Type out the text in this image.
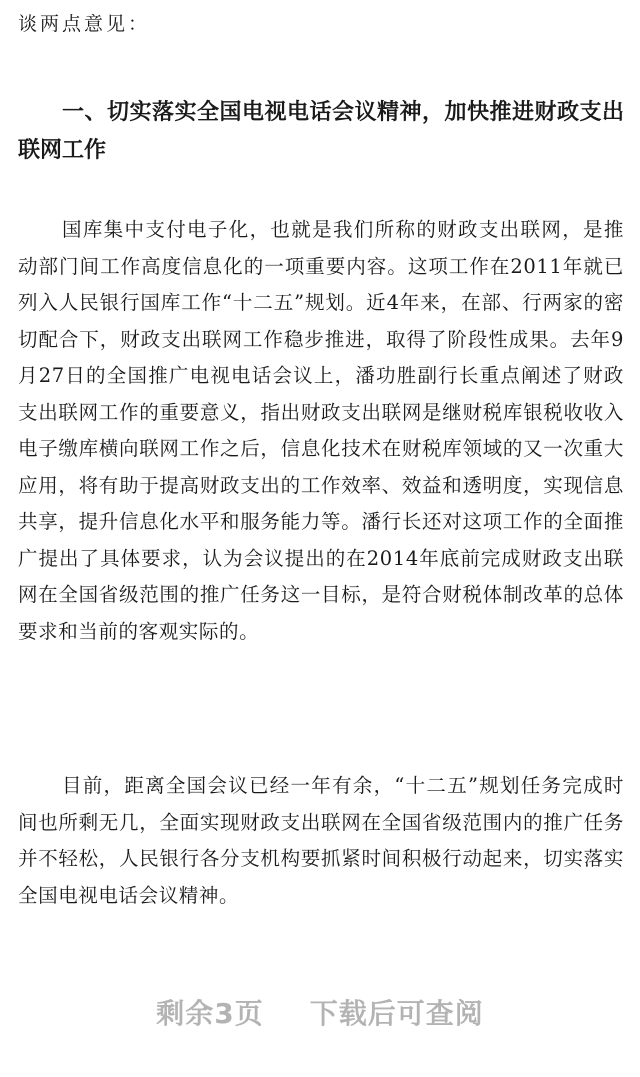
谈两点意见：

一、切实落实全国电视电话会议精神，加快推进财政支出联网工作

国库集中支付电子化，也就是我们所称的财政支出联网，是推动部门间工作高度信息化的一项重要内容。这项工作在2011年就已列入人民银行国库工作“十二五”规划。近4年来，在部、行两家的密切配合下，财政支出联网工作稳步推进，取得了阶段性成果。去年9月27日的全国推广电视电话会议上，潘功胜副行长重点阐述了财政支出联网工作的重要意义，指出财政支出联网是继财税库银税收收入电子缴库横向联网工作之后，信息化技术在财税库领域的又一次重大应用，将有助于提高财政支出的工作效率、效益和透明度，实现信息共享，提升信息化水平和服务能力等。潘行长还对这项工作的全面推广提出了具体要求，认为会议提出的在2014年底前完成财政支出联网在全国省级范围的推广任务这一目标，是符合财税体制改革的总体要求和当前的客观实际的。

目前，距离全国会议已经一年有余，“十二五”规划任务完成时间也所剩无几，全面实现财政支出联网在全国省级范围内的推广任务并不轻松，人民银行各分支机构要抓紧时间积极行动起来，切实落实全国电视电话会议精神。

剩余3页 下载后可查阅
